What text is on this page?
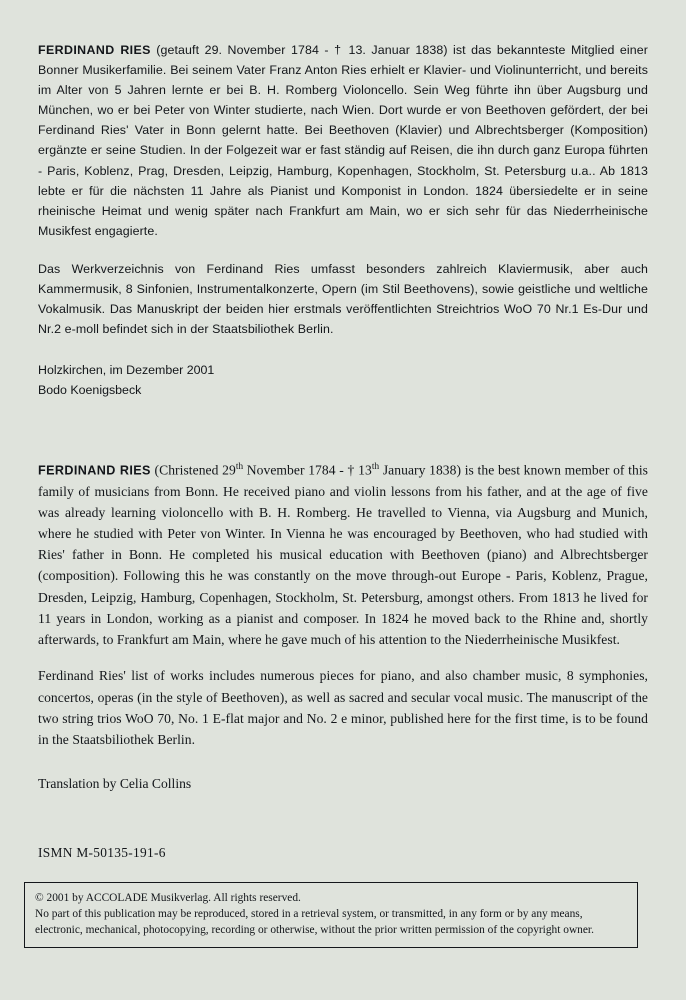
FERDINAND RIES (getauft 29. November 1784 - † 13. Januar 1838) ist das bekannteste Mitglied einer Bonner Musikerfamilie. Bei seinem Vater Franz Anton Ries erhielt er Klavier- und Violinunterricht, und bereits im Alter von 5 Jahren lernte er bei B. H. Romberg Violoncello. Sein Weg führte ihn über Augsburg und München, wo er bei Peter von Winter studierte, nach Wien. Dort wurde er von Beethoven gefördert, der bei Ferdinand Ries' Vater in Bonn gelernt hatte. Bei Beethoven (Klavier) und Albrechtsberger (Komposition) ergänzte er seine Studien. In der Folgezeit war er fast ständig auf Reisen, die ihn durch ganz Europa führten - Paris, Koblenz, Prag, Dresden, Leipzig, Hamburg, Kopenhagen, Stockholm, St. Petersburg u.a.. Ab 1813 lebte er für die nächsten 11 Jahre als Pianist und Komponist in London. 1824 übersiedelte er in seine rheinische Heimat und wenig später nach Frankfurt am Main, wo er sich sehr für das Niederrheinische Musikfest engagierte.

Das Werkverzeichnis von Ferdinand Ries umfasst besonders zahlreich Klaviermusik, aber auch Kammermusik, 8 Sinfonien, Instrumentalkonzerte, Opern (im Stil Beethovens), sowie geistliche und weltliche Vokalmusik. Das Manuskript der beiden hier erstmals veröffentlichten Streichtrios WoO 70 Nr.1 Es-Dur und Nr.2 e-moll befindet sich in der Staatsbiliothek Berlin.

Holzkirchen, im Dezember 2001
Bodo Koenigsbeck

FERDINAND RIES (Christened 29th November 1784 - † 13th January 1838) is the best known member of this family of musicians from Bonn. He received piano and violin lessons from his father, and at the age of five was already learning violoncello with B. H. Romberg. He travelled to Vienna, via Augsburg and Munich, where he studied with Peter von Winter. In Vienna he was encouraged by Beethoven, who had studied with Ries' father in Bonn. He completed his musical education with Beethoven (piano) and Albrechtsberger (composition). Following this he was constantly on the move through-out Europe - Paris, Koblenz, Prague, Dresden, Leipzig, Hamburg, Copenhagen, Stockholm, St. Petersburg, amongst others. From 1813 he lived for 11 years in London, working as a pianist and composer. In 1824 he moved back to the Rhine and, shortly afterwards, to Frankfurt am Main, where he gave much of his attention to the Niederrheinische Musikfest.

Ferdinand Ries' list of works includes numerous pieces for piano, and also chamber music, 8 symphonies, concertos, operas (in the style of Beethoven), as well as sacred and secular vocal music. The manuscript of the two string trios WoO 70, No. 1 E-flat major and No. 2 e minor, published here for the first time, is to be found in the Staatsbiliothek Berlin.

Translation by Celia Collins
ISMN M-50135-191-6
© 2001 by ACCOLADE Musikverlag. All rights reserved.
No part of this publication may be reproduced, stored in a retrieval system, or transmitted, in any form or by any means,
electronic, mechanical, photocopying, recording or otherwise, without the prior written permission of the copyright owner.
